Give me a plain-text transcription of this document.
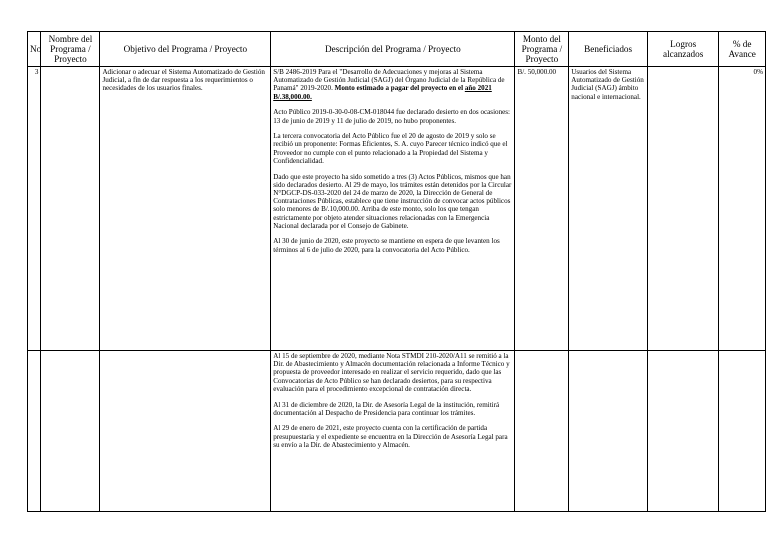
No	Nombre del Programa / Proyecto	Objetivo del Programa / Proyecto	Descripción del Programa / Proyecto	Monto del Programa / Proyecto	Beneficiados	Logros alcanzados	% de Avance
3		Adicionar o adecuar el Sistema Automatizado de Gestión Judicial, a fin de dar respuesta a los requerimientos o necesidades de los usuarios finales.	S/B 2486-2019 Para el "Desarrollo de Adecuaciones y mejoras al Sistema Automatizado de Gestión Judicial (SAGJ) del Órgano Judicial de la República de Panamá" 2019-2020. Monto estimado a pagar del proyecto en el año 2021 B/.38,000.00.

Acto Público 2019-0-30-0-08-CM-018044 fue declarado desierto en dos ocasiones: 13 de junio de 2019 y 11 de julio de 2019, no hubo proponentes.

La tercera convocatoria del Acto Público fue el 20 de agosto de 2019 y solo se recibió un proponente: Formas Eficientes, S. A. cuyo Parecer técnico indicó que el Proveedor no cumple con el punto relacionado a la Propiedad del Sistema y Confidencialidad.

Dado que este proyecto ha sido sometido a tres (3) Actos Públicos, mismos que han sido declarados desierto. Al 29 de mayo, los trámites están detenidos por la Circular N°DGCP-DS-033-2020 del 24 de marzo de 2020, la Dirección de General de Contrataciones Públicas, establece que tiene instrucción de convocar actos públicos solo menores de B/.10,000.00. Arriba de este monto, solo los que tengan estrictamente por objeto atender situaciones relacionadas con la Emergencia Nacional declarada por el Consejo de Gabinete.

Al 30 de junio de 2020, este proyecto se mantiene en espera de que levanten los términos al 6 de julio de 2020, para la convocatoria del Acto Público.	B/. 50,000.00	Usuarios del Sistema Automatizado de Gestión Judicial (SAGJ) ámbito nacional e internacional.		0%

			Al 15 de septiembre de 2020, mediante Nota STMDI 210-2020/A11 se remitió a la Dir. de Abastecimiento y Almacén documentación relacionada a Informe Técnico y propuesta de proveedor interesado en realizar el servicio requerido, dado que las Convocatorias de Acto Público se han declarado desiertos, para su respectiva evaluación para el procedimiento excepcional de contratación directa.

Al 31 de diciembre de 2020, la Dir. de Asesoría Legal de la institución, remitirá documentación al Despacho de Presidencia para continuar los trámites.

Al 29 de enero de 2021, este proyecto cuenta con la certificación de partida presupuestaria y el expediente se encuentra en la Dirección de Asesoría Legal para su envío a la Dir. de Abastecimiento y Almacén.				
